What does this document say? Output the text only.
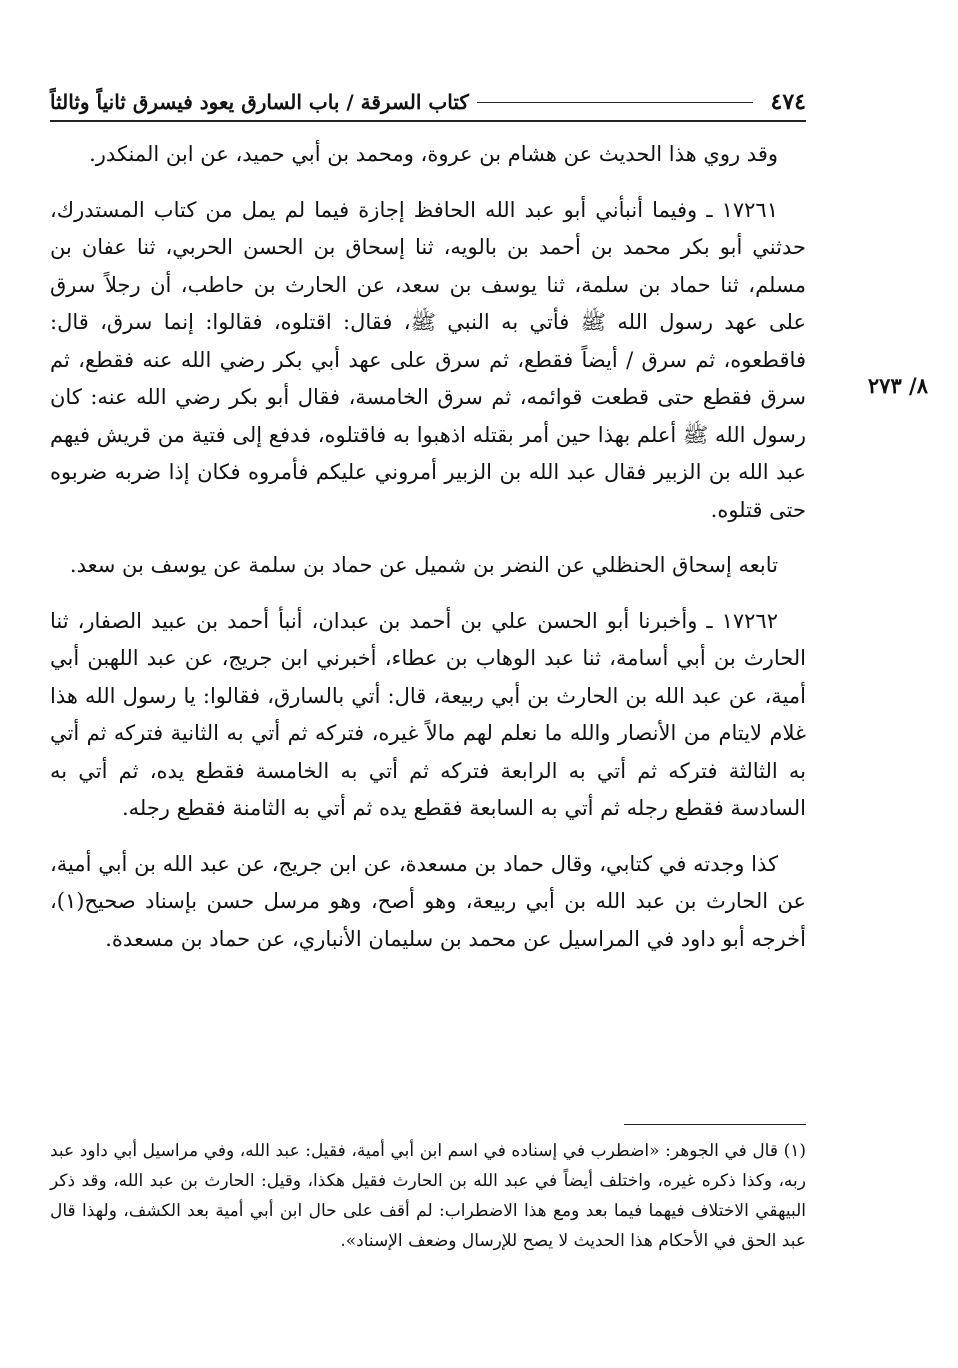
٤٧٤
كتاب السرقة / باب السارق يعود فيسرق ثانياً وثالثاً
٨/ ٢٧٣

وقد روي هذا الحديث عن هشام بن عروة، ومحمد بن أبي حميد، عن ابن المنكدر.

١٧٢٦١ ـ وفيما أنبأني أبو عبد الله الحافظ إجازة فيما لم يمل من كتاب المستدرك، حدثني أبو بكر محمد بن أحمد بن بالويه، ثنا إسحاق بن الحسن الحربي، ثنا عفان بن مسلم، ثنا حماد بن سلمة، ثنا يوسف بن سعد، عن الحارث بن حاطب، أن رجلاً سرق على عهد رسول الله ﷺ فأتي به النبي ﷺ، فقال: اقتلوه، فقالوا: إنما سرق، قال: فاقطعوه، ثم سرق / أيضاً فقطع، ثم سرق على عهد أبي بكر رضي الله عنه فقطع، ثم سرق فقطع حتى قطعت قوائمه، ثم سرق الخامسة، فقال أبو بكر رضي الله عنه: كان رسول الله ﷺ أعلم بهذا حين أمر بقتله اذهبوا به فاقتلوه، فدفع إلى فتية من قريش فيهم عبد الله بن الزبير فقال عبد الله بن الزبير أمروني عليكم فأمروه فكان إذا ضربه ضربوه حتى قتلوه.

تابعه إسحاق الحنظلي عن النضر بن شميل عن حماد بن سلمة عن يوسف بن سعد.

١٧٢٦٢ ـ وأخبرنا أبو الحسن علي بن أحمد بن عبدان، أنبأ أحمد بن عبيد الصفار، ثنا الحارث بن أبي أسامة، ثنا عبد الوهاب بن عطاء، أخبرني ابن جريج، عن عبد اللهبن أبي أمية، عن عبد الله بن الحارث بن أبي ربيعة، قال: أتي بالسارق، فقالوا: يا رسول الله هذا غلام لايتام من الأنصار والله ما نعلم لهم مالاً غيره، فتركه ثم أتي به الثانية فتركه ثم أتي به الثالثة فتركه ثم أتي به الرابعة فتركه ثم أتي به الخامسة فقطع يده، ثم أتي به السادسة فقطع رجله ثم أتي به السابعة فقطع يده ثم أتي به الثامنة فقطع رجله.

كذا وجدته في كتابي، وقال حماد بن مسعدة، عن ابن جريج، عن عبد الله بن أبي أمية، عن الحارث بن عبد الله بن أبي ربيعة، وهو أصح، وهو مرسل حسن بإسناد صحيح(١)، أخرجه أبو داود في المراسيل عن محمد بن سليمان الأنباري، عن حماد بن مسعدة.

(١) قال في الجوهر: «اضطرب في إسناده في اسم ابن أبي أمية، فقيل: عبد الله، وفي مراسيل أبي داود عبد ربه، وكذا ذكره غيره، واختلف أيضاً في عبد الله بن الحارث فقيل هكذا، وقيل: الحارث بن عبد الله، وقد ذكر البيهقي الاختلاف فيهما فيما بعد ومع هذا الاضطراب: لم أقف على حال ابن أبي أمية بعد الكشف، ولهذا قال عبد الحق في الأحكام هذا الحديث لا يصح للإرسال وضعف الإسناد».
